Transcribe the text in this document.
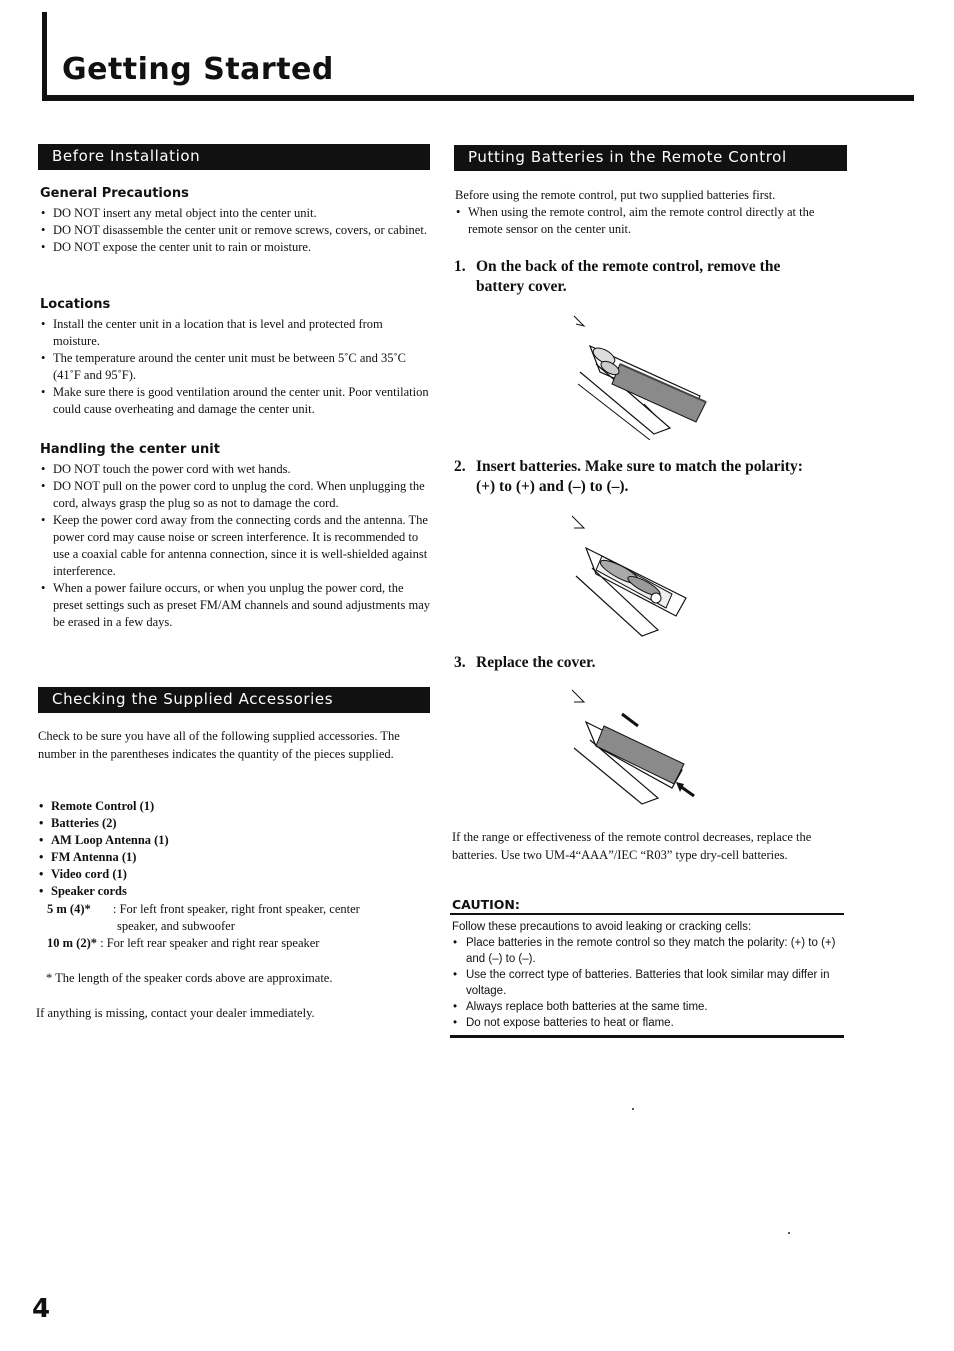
Getting Started
Before Installation
General Precautions
• DO NOT insert any metal object into the center unit.
• DO NOT disassemble the center unit or remove screws, covers, or cabinet.
• DO NOT expose the center unit to rain or moisture.
Locations
• Install the center unit in a location that is level and protected from moisture.
• The temperature around the center unit must be between 5˚C and 35˚C (41˚F and 95˚F).
• Make sure there is good ventilation around the center unit. Poor ventilation could cause overheating and damage the center unit.
Handling the center unit
• DO NOT touch the power cord with wet hands.
• DO NOT pull on the power cord to unplug the cord. When unplugging the cord, always grasp the plug so as not to damage the cord.
• Keep the power cord away from the connecting cords and the antenna. The power cord may cause noise or screen interference. It is recommended to use a coaxial cable for antenna connection, since it is well-shielded against interference.
• When a power failure occurs, or when you unplug the power cord, the preset settings such as preset FM/AM channels and sound adjustments may be erased in a few days.
Checking the Supplied Accessories
Check to be sure you have all of the following supplied accessories. The number in the parentheses indicates the quantity of the pieces supplied.
• Remote Control (1)
• Batteries (2)
• AM Loop Antenna (1)
• FM Antenna (1)
• Video cord (1)
• Speaker cords
5 m (4)* : For left front speaker, right front speaker, center
speaker, and subwoofer
10 m (2)* : For left rear speaker and right rear speaker
* The length of the speaker cords above are approximate.
If anything is missing, contact your dealer immediately.
Putting Batteries in the Remote Control
Before using the remote control, put two supplied batteries first.
• When using the remote control, aim the remote control directly at the remote sensor on the center unit.
1. On the back of the remote control, remove the
battery cover.
2. Insert batteries. Make sure to match the polarity:
(+) to (+) and (–) to (–).
3. Replace the cover.
If the range or effectiveness of the remote control decreases, replace the batteries. Use two UM-4“AAA”/IEC “R03” type dry-cell batteries.
CAUTION:
Follow these precautions to avoid leaking or cracking cells:
• Place batteries in the remote control so they match the polarity: (+) to (+) and (–) to (–).
• Use the correct type of batteries. Batteries that look similar may differ in voltage.
• Always replace both batteries at the same time.
• Do not expose batteries to heat or flame.
4
